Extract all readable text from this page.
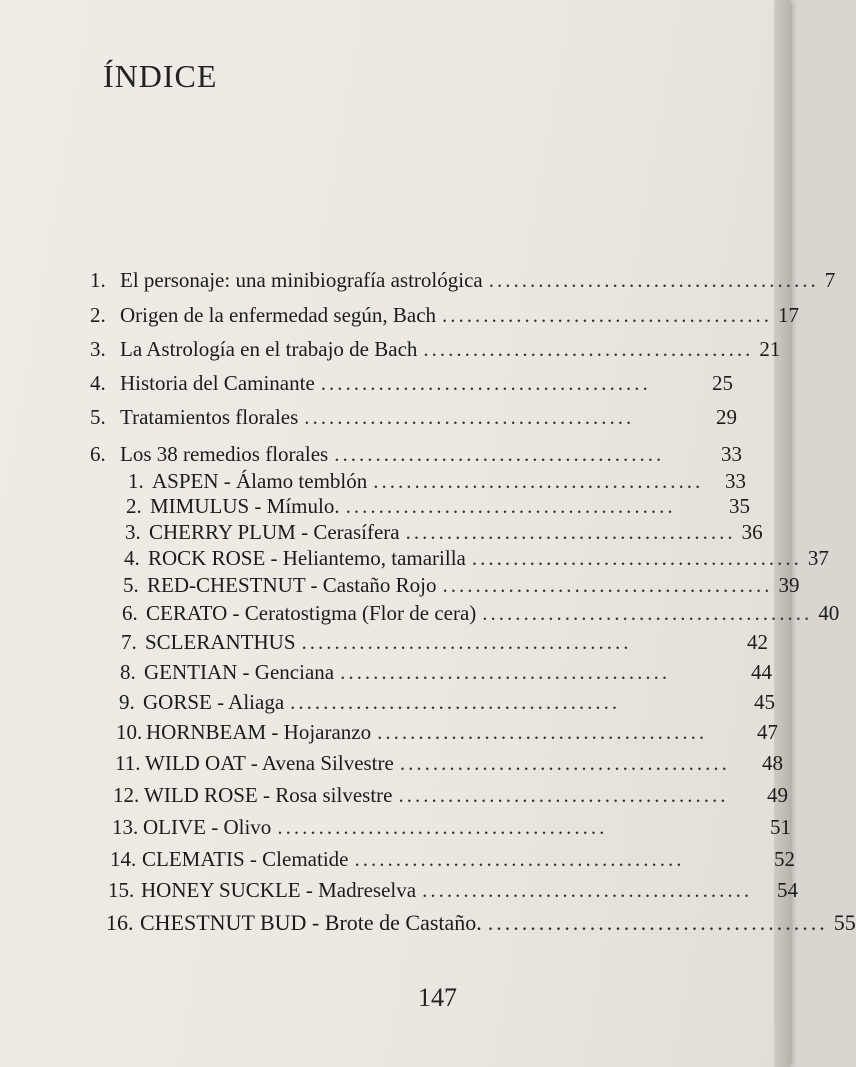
ÍNDICE
1. El personaje: una minibiografía astrológica ........................................ 7
2. Origen de la enfermedad según, Bach ........................................ 17
3. La Astrología en el trabajo de Bach ........................................ 21
4. Historia del Caminante ........................................	25
5. Tratamientos florales ........................................	29
6. Los 38 remedios florales ........................................	33
1. ASPEN - Álamo temblón ........................................	33
2. MIMULUS - Mímulo. ........................................	35
3. CHERRY PLUM - Cerasífera ........................................ 36
4. ROCK ROSE - Heliantemo, tamarilla ........................................ 37
5. RED-CHESTNUT - Castaño Rojo ........................................ 39
6. CERATO - Ceratostigma (Flor de cera) ........................................ 40
7. SCLERANTHUS ........................................	42
8. GENTIAN - Genciana ........................................	44
9. GORSE - Aliaga ........................................	45
10. HORNBEAM - Hojaranzo ........................................	47
11. WILD OAT - Avena Silvestre ........................................	48
12. WILD ROSE - Rosa silvestre ........................................	49
13. OLIVE - Olivo ........................................	51
14. CLEMATIS - Clematide ........................................	52
15. HONEY SUCKLE - Madreselva ........................................	54
16. CHESTNUT BUD - Brote de Castaño. ........................................ 55
147
